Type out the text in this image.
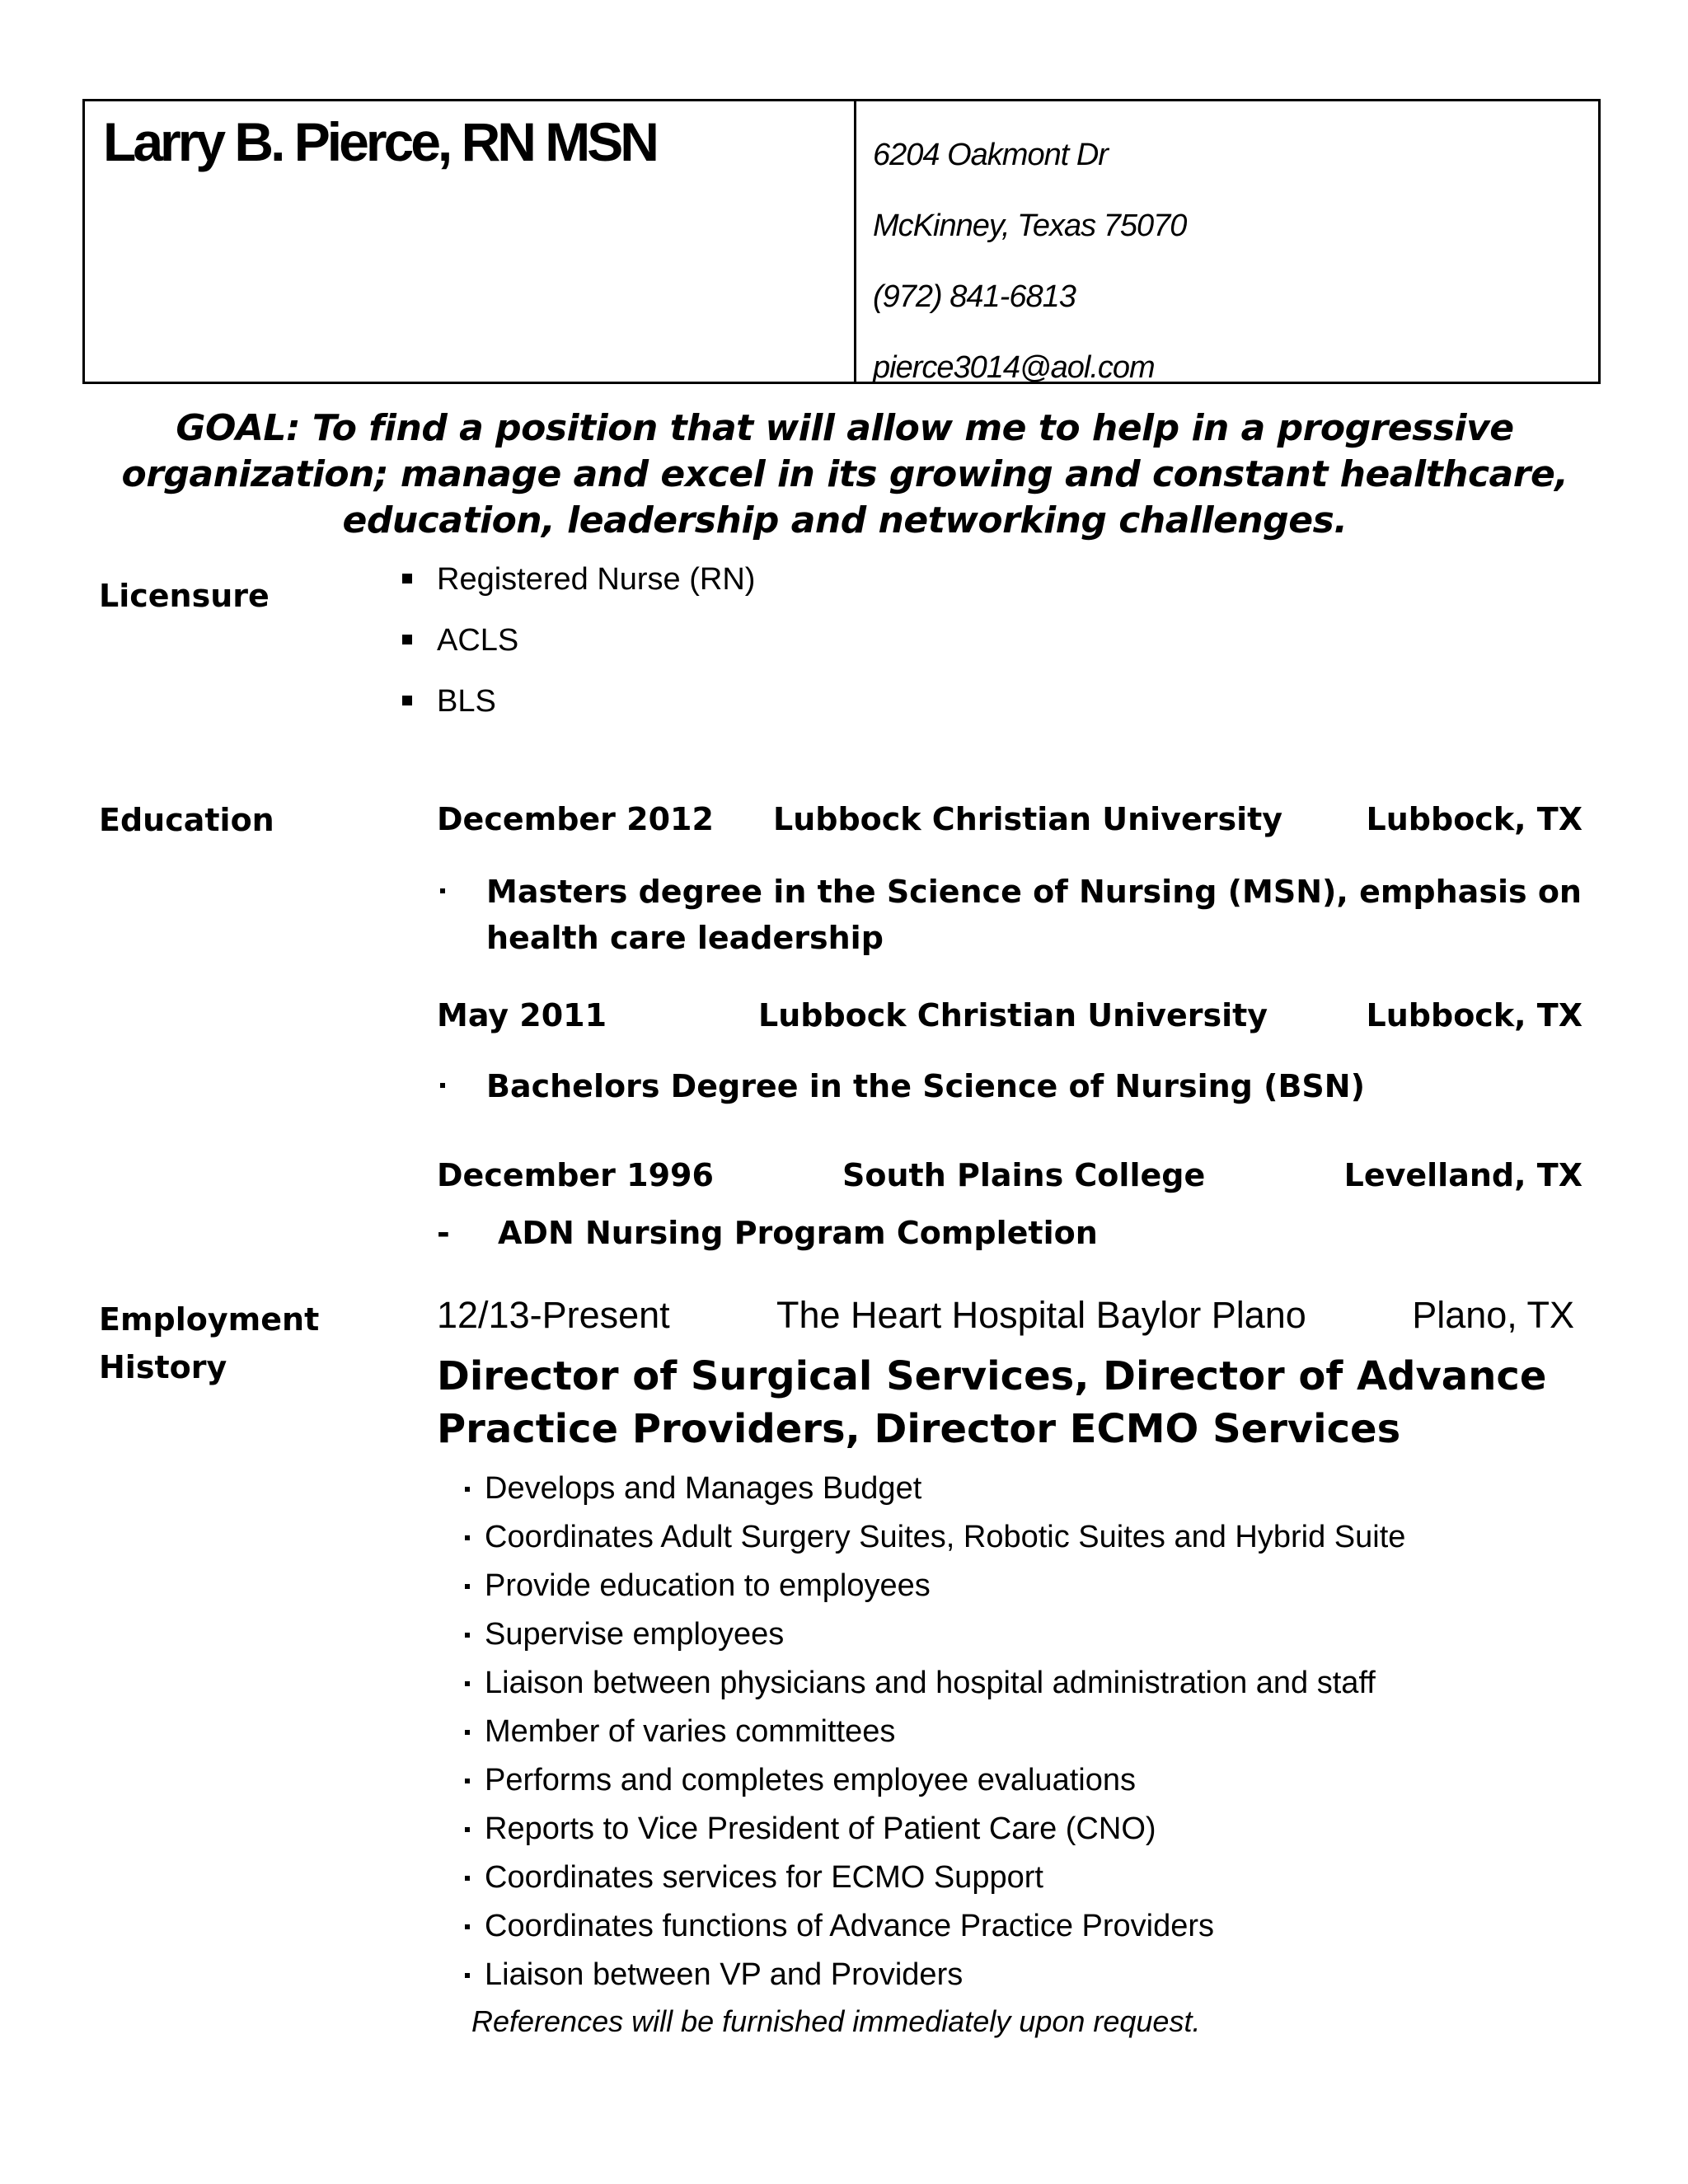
Larry B. Pierce, RN MSN	6204 Oakmont Dr
McKinney, Texas 75070
(972) 841-6813
pierce3014@aol.com
GOAL: To find a position that will allow me to help in a progressive organization; manage and excel in its growing and constant healthcare, education, leadership and networking challenges.
Licensure	Registered Nurse (RN)
ACLS
BLS
Education	December 2012 Lubbock Christian University	Lubbock, TX
Masters degree in the Science of Nursing (MSN), emphasis on health care leadership
May 2011	Lubbock Christian University	Lubbock, TX
Bachelors Degree in the Science of Nursing (BSN)
December 1996	South Plains College	Levelland, TX
- ADN Nursing Program Completion
Employment
History
12/13-Present	The Heart Hospital Baylor Plano	Plano, TX
Director of Surgical Services, Director of Advance Practice Providers, Director ECMO Services
Develops and Manages Budget
Coordinates Adult Surgery Suites, Robotic Suites and Hybrid Suite
Provide education to employees
Supervise employees
Liaison between physicians and hospital administration and staff
Member of varies committees
Performs and completes employee evaluations
Reports to Vice President of Patient Care (CNO)
Coordinates services for ECMO Support
Coordinates functions of Advance Practice Providers
Liaison between VP and Providers
References will be furnished immediately upon request.
